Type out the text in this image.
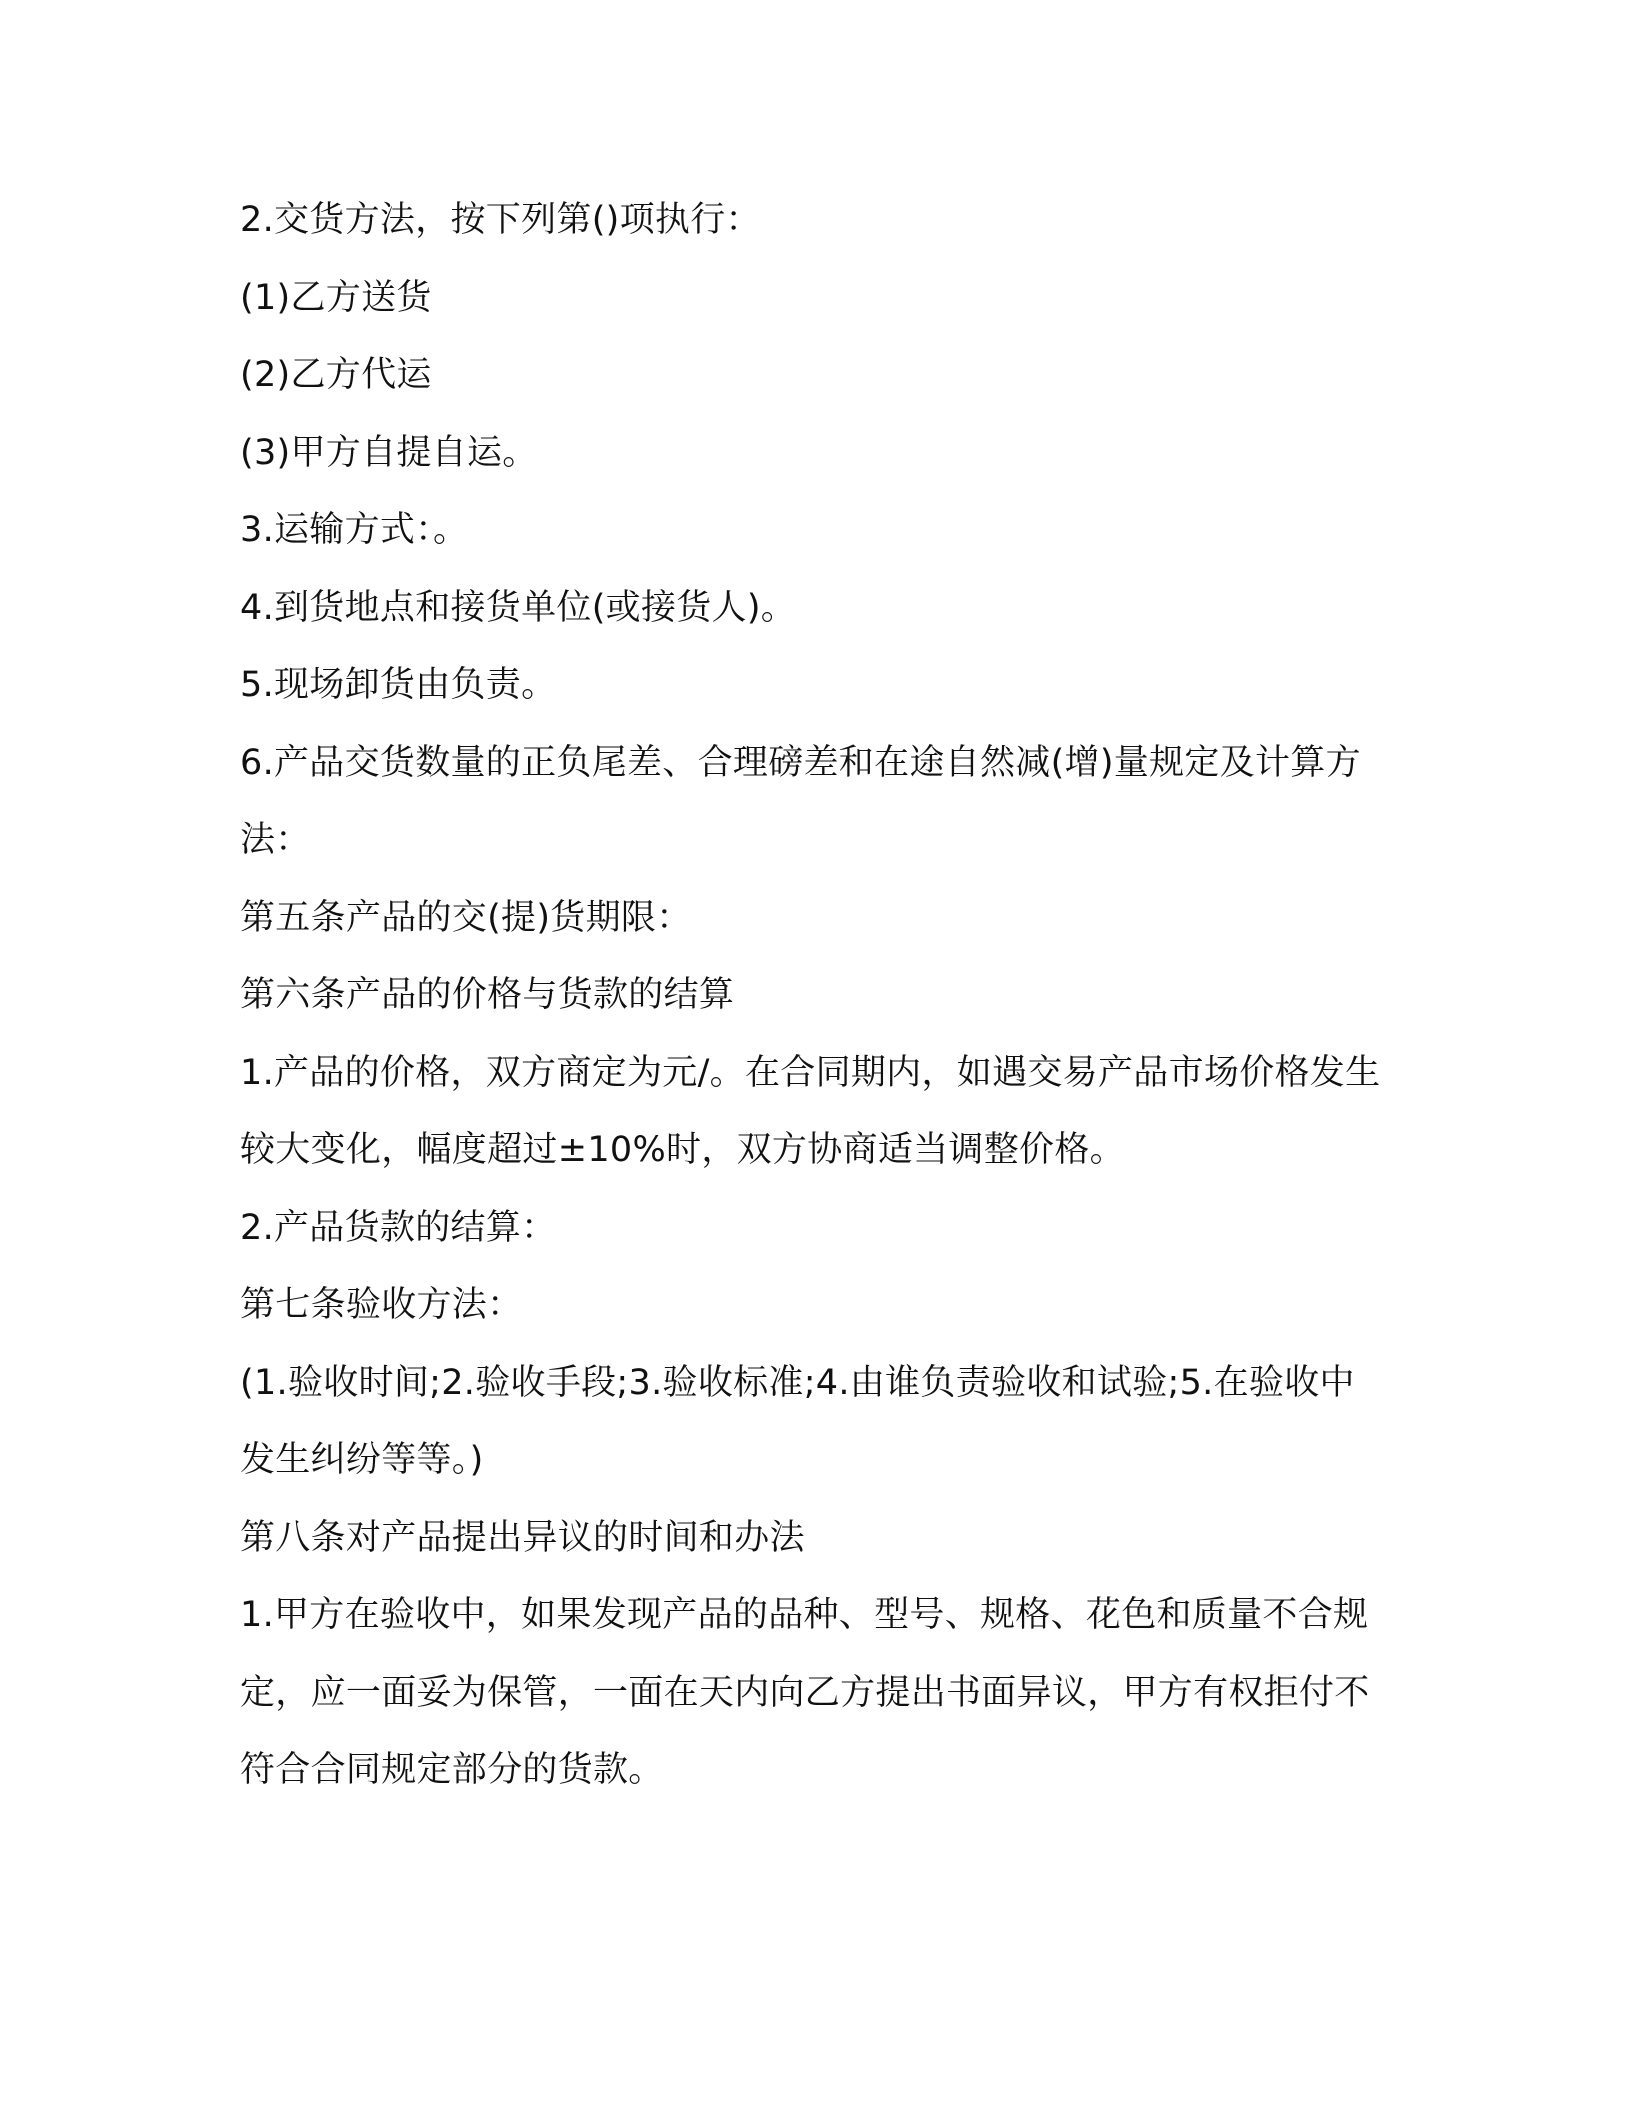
2.交货方法，按下列第()项执行：

(1)乙方送货

(2)乙方代运

(3)甲方自提自运。

3.运输方式：。

4.到货地点和接货单位(或接货人)。

5.现场卸货由负责。

6.产品交货数量的正负尾差、合理磅差和在途自然减(增)量规定及计算方法：

第五条产品的交(提)货期限：

第六条产品的价格与货款的结算

1.产品的价格，双方商定为元/。在合同期内，如遇交易产品市场价格发生较大变化，幅度超过±10%时，双方协商适当调整价格。

2.产品货款的结算：

第七条验收方法：

(1.验收时间;2.验收手段;3.验收标准;4.由谁负责验收和试验;5.在验收中发生纠纷等等。)

第八条对产品提出异议的时间和办法

1.甲方在验收中，如果发现产品的品种、型号、规格、花色和质量不合规定，应一面妥为保管，一面在天内向乙方提出书面异议，甲方有权拒付不符合合同规定部分的货款。
